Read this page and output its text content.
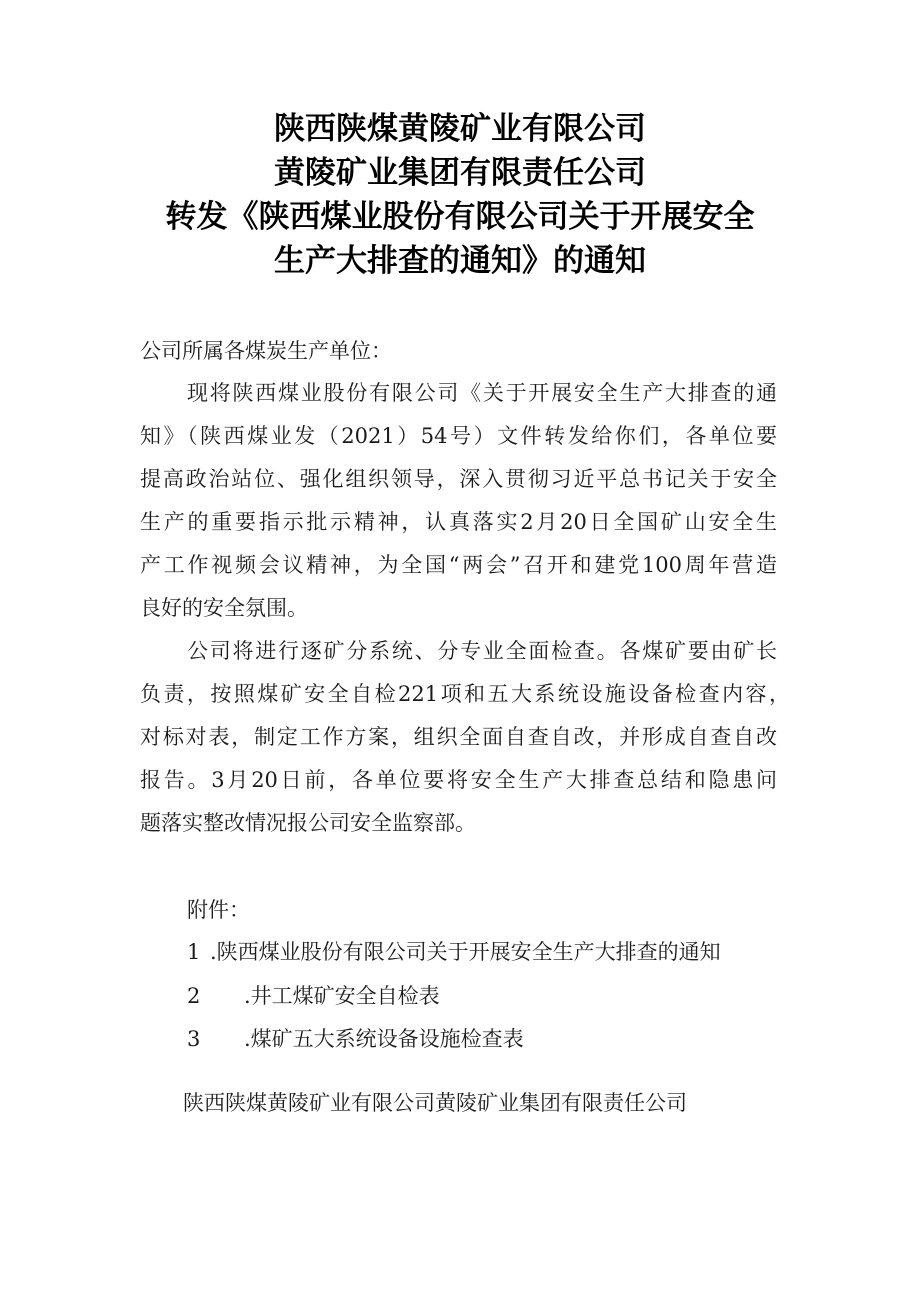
陕西陕煤黄陵矿业有限公司
黄陵矿业集团有限责任公司
转发《陕西煤业股份有限公司关于开展安全
生产大排查的通知》的通知
公司所属各煤炭生产单位：
现将陕西煤业股份有限公司《关于开展安全生产大排查的通
知》（陕西煤业发（2021）54号）文件转发给你们，各单位要
提高政治站位、强化组织领导，深入贯彻习近平总书记关于安全
生产的重要指示批示精神，认真落实2月20日全国矿山安全生
产工作视频会议精神，为全国“两会”召开和建党100周年营造
良好的安全氛围。
公司将进行逐矿分系统、分专业全面检查。各煤矿要由矿长
负责，按照煤矿安全自检221项和五大系统设施设备检查内容，
对标对表，制定工作方案，组织全面自查自改，并形成自查自改
报告。3月20日前，各单位要将安全生产大排查总结和隐患问
题落实整改情况报公司安全监察部。
附件：
1 .陕西煤业股份有限公司关于开展安全生产大排查的通知
2 .井工煤矿安全自检表
3 .煤矿五大系统设备设施检查表
陕西陕煤黄陵矿业有限公司黄陵矿业集团有限责任公司
